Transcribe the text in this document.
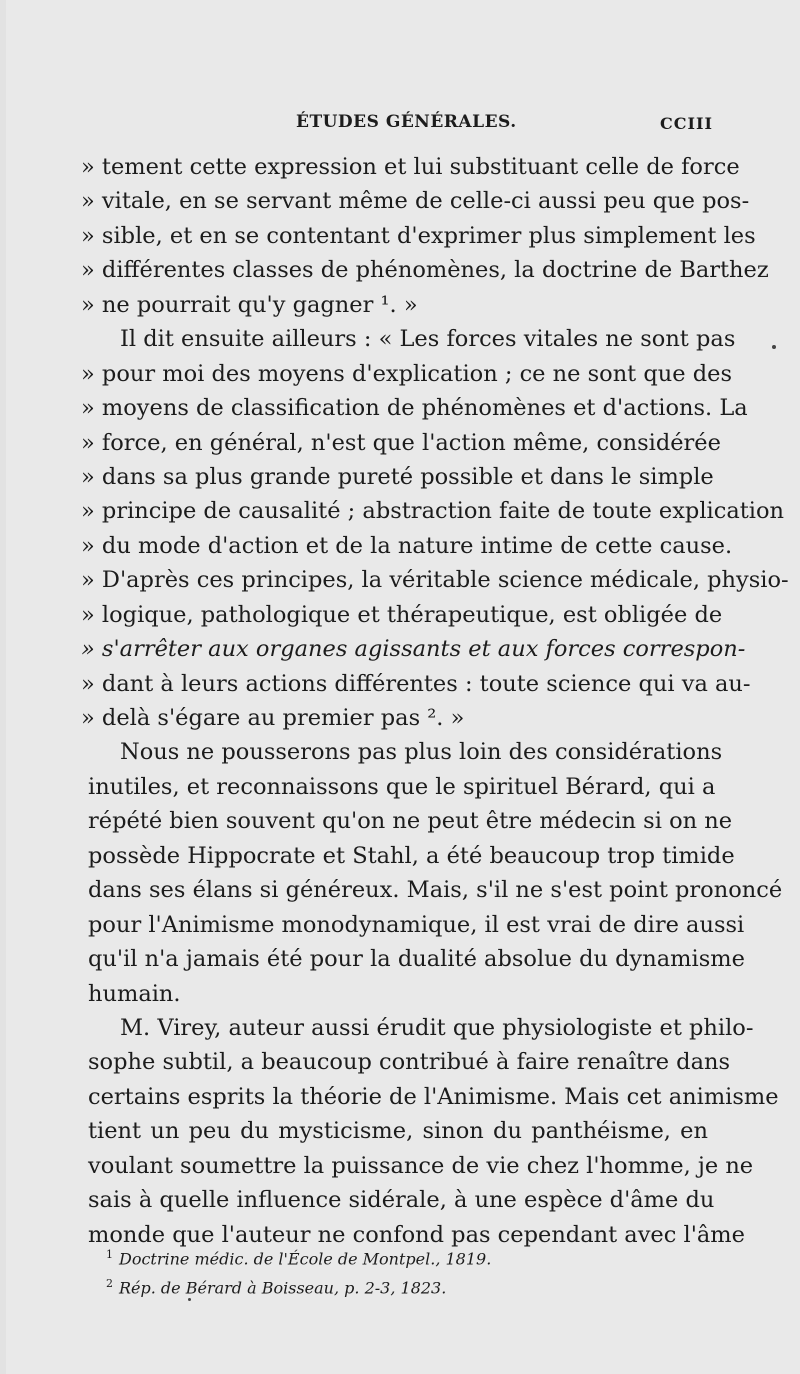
ÉTUDES GÉNÉRALES.	CCIII
» tement cette expression et lui substituant celle de force
» vitale, en se servant même de celle-ci aussi peu que pos-
» sible, et en se contentant d'exprimer plus simplement les
» différentes classes de phénomènes, la doctrine de Barthez
» ne pourrait qu'y gagner ¹. »
Il dit ensuite ailleurs : « Les forces vitales ne sont pas
» pour moi des moyens d'explication ; ce ne sont que des
» moyens de classification de phénomènes et d'actions. La
» force, en général, n'est que l'action même, considérée
» dans sa plus grande pureté possible et dans le simple
» principe de causalité ; abstraction faite de toute explication
» du mode d'action et de la nature intime de cette cause.
» D'après ces principes, la véritable science médicale, physio-
» logique, pathologique et thérapeutique, est obligée de
» s'arrêter aux organes agissants et aux forces correspon-
» dant à leurs actions différentes : toute science qui va au-
» delà s'égare au premier pas ². »
Nous ne pousserons pas plus loin des considérations
inutiles, et reconnaissons que le spirituel Bérard, qui a
répété bien souvent qu'on ne peut être médecin si on ne
possède Hippocrate et Stahl, a été beaucoup trop timide
dans ses élans si généreux. Mais, s'il ne s'est point prononcé
pour l'Animisme monodynamique, il est vrai de dire aussi
qu'il n'a jamais été pour la dualité absolue du dynamisme
humain.
M. Virey, auteur aussi érudit que physiologiste et philo-
sophe subtil, a beaucoup contribué à faire renaître dans
certains esprits la théorie de l'Animisme. Mais cet animisme
tient un peu du mysticisme, sinon du panthéisme, en
voulant soumettre la puissance de vie chez l'homme, je ne
sais à quelle influence sidérale, à une espèce d'âme du
monde que l'auteur ne confond pas cependant avec l'âme
$^1$ Doctrine médic. de l'École de Montpel., 1819.
$^2$ Rép. de Bérard à Boisseau, p. 2-3, 1823.
